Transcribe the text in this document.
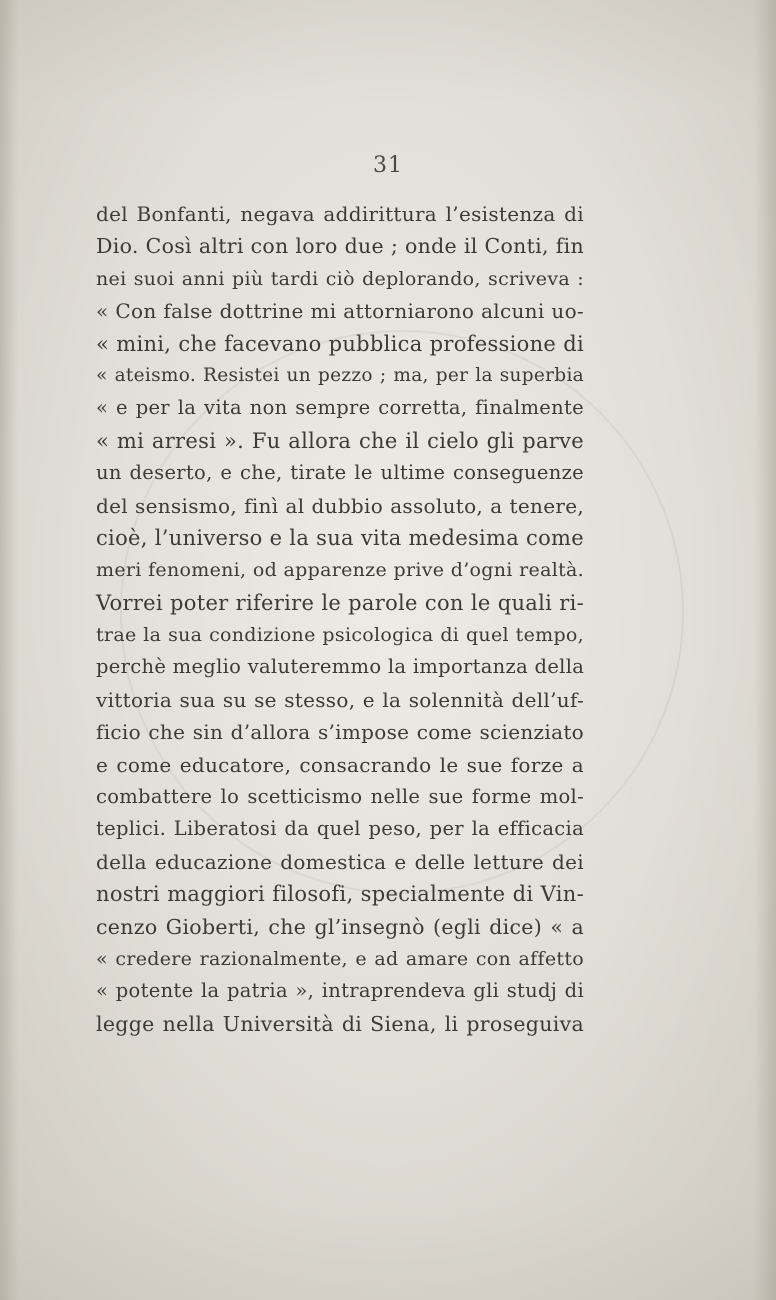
31
del Bonfanti, negava addirittura l’esistenza di
Dio. Così altri con loro due ; onde il Conti, fin
nei suoi anni più tardi ciò deplorando, scriveva :
« Con false dottrine mi attorniarono alcuni uo-
« mini, che facevano pubblica professione di
« ateismo. Resistei un pezzo ; ma, per la superbia
« e per la vita non sempre corretta, finalmente
« mi arresi ». Fu allora che il cielo gli parve
un deserto, e che, tirate le ultime conseguenze
del sensismo, finì al dubbio assoluto, a tenere,
cioè, l’universo e la sua vita medesima come
meri fenomeni, od apparenze prive d’ogni realtà.
Vorrei poter riferire le parole con le quali ri-
trae la sua condizione psicologica di quel tempo,
perchè meglio valuteremmo la importanza della
vittoria sua su se stesso, e la solennità dell’uf-
ficio che sin d’allora s’impose come scienziato
e come educatore, consacrando le sue forze a
combattere lo scetticismo nelle sue forme mol-
teplici. Liberatosi da quel peso, per la efficacia
della educazione domestica e delle letture dei
nostri maggiori filosofi, specialmente di Vin-
cenzo Gioberti, che gl’insegnò (egli dice) « a
« credere razionalmente, e ad amare con affetto
« potente la patria », intraprendeva gli studj di
legge nella Università di Siena, li proseguiva
